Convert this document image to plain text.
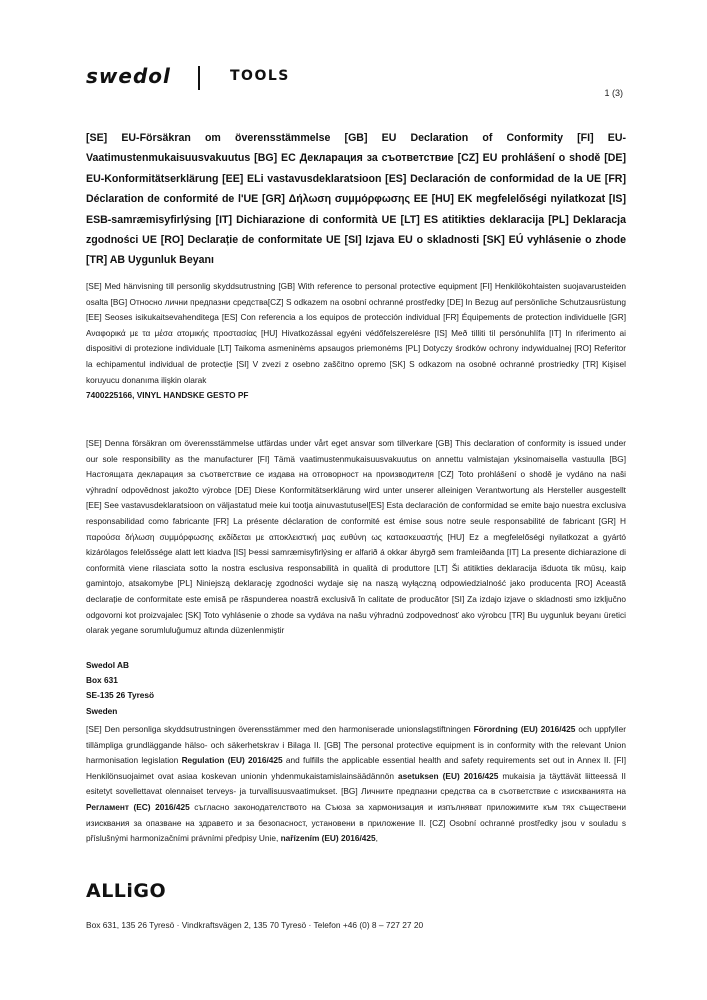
swedol	TOOLS
1 (3)
[SE] EU-Försäkran om överensstämmelse [GB] EU Declaration of Conformity [FI] EU-Vaatimustenmukaisuusvakuutus [BG] ЕС Декларация за съответствие [CZ] EU prohlášení o shodě [DE] EU-Konformitätserklärung [EE] ELi vastavusdeklaratsioon [ES] Declaración de conformidad de la UE [FR] Déclaration de conformité de l'UE [GR] Δήλωση συμμόρφωσης ΕΕ [HU] EK megfelelőségi nyilatkozat [IS] ESB-samræmisyfirlýsing [IT] Dichiarazione di conformità UE [LT] ES atitikties deklaracija [PL] Deklaracja zgodności UE [RO] Declarație de conformitate UE [SI] Izjava EU o skladnosti [SK] EÚ vyhlásenie o zhode [TR] AB Uygunluk Beyanı
[SE] Med hänvisning till personlig skyddsutrustning [GB] With reference to personal protective equipment [FI] Henkilökohtaisten suojavarusteiden osalta [BG] Относно лични предпазни средства[CZ] S odkazem na osobní ochranné prostředky [DE] In Bezug auf persönliche Schutzausrüstung [EE] Seoses isikukaitsevahenditega [ES] Con referencia a los equipos de protección individual [FR] Équipements de protection individuelle [GR] Αναφορικά με τα μέσα ατομικής προστασίας [HU] Hivatkozással egyéni védőfelszerelésre [IS] Með tilliti til persónuhlífa [IT] In riferimento ai dispositivi di protezione individuale [LT] Taikoma asmeninėms apsaugos priemonėms [PL] Dotyczy środków ochrony indywidualnej [RO] Referitor la echipamentul individual de protecție [SI] V zvezi z osebno zaščitno opremo [SK] S odkazom na osobné ochranné prostriedky [TR] Kişisel koruyucu donanıma ilişkin olarak
7400225166, VINYL HANDSKE GESTO PF
[SE] Denna försäkran om överensstämmelse utfärdas under vårt eget ansvar som tillverkare [GB] This declaration of conformity is issued under our sole responsibility as the manufacturer [FI] Tämä vaatimustenmukaisuusvakuutus on annettu valmistajan yksinomaisella vastuulla [BG] Настоящата декларация за съответствие се издава на отговорност на производителя [CZ] Toto prohlášení o shodě je vydáno na naši výhradní odpovědnost jakožto výrobce [DE] Diese Konformitätserklärung wird unter unserer alleinigen Verantwortung als Hersteller ausgestellt [EE] See vastavusdeklaratsioon on väljastatud meie kui tootja ainuvastutusel[ES] Esta declaración de conformidad se emite bajo nuestra exclusiva responsabilidad como fabricante [FR] La présente déclaration de conformité est émise sous notre seule responsabilité de fabricant [GR] Η παρούσα δήλωση συμμόρφωσης εκδίδεται με αποκλειστική μας ευθύνη ως κατασκευαστής [HU] Ez a megfelelőségi nyilatkozat a gyártó kizárólagos felelőssége alatt lett kiadva [IS] Þessi samræmisyfirlýsing er alfarið á okkar ábyrgð sem framleiðanda [IT] La presente dichiarazione di conformità viene rilasciata sotto la nostra esclusiva responsabilità in qualità di produttore [LT] Ši atitikties deklaracija išduota tik mūsų, kaip gamintojo, atsakomybe [PL] Niniejszą deklarację zgodności wydaje się na naszą wyłączną odpowiedzialność jako producenta [RO] Această declarație de conformitate este emisă pe răspunderea noastră exclusivă în calitate de producător [SI] Za izdajo izjave o skladnosti smo izključno odgovorni kot proizvajalec [SK] Toto vyhlásenie o zhode sa vydáva na našu výhradnú zodpovednosť ako výrobcu [TR] Bu uygunluk beyanı üretici olarak yegane sorumluluğumuz altında düzenlenmiştir
Swedol AB
Box 631
SE-135 26 Tyresö
Sweden
[SE] Den personliga skyddsutrustningen överensstämmer med den harmoniserade unionslagstiftningen Förordning (EU) 2016/425 och uppfyller tillämpliga grundläggande hälso- och säkerhetskrav i Bilaga II. [GB] The personal protective equipment is in conformity with the relevant Union harmonisation legislation Regulation (EU) 2016/425 and fulfills the applicable essential health and safety requirements set out in Annex II. [FI] Henkilönsuojaimet ovat asiaa koskevan unionin yhdenmukaistamislainsäädännön asetuksen (EU) 2016/425 mukaisia ja täyttävät liitteessä II esitetyt sovellettavat olennaiset terveys- ja turvallisuusvaatimukset. [BG] Личните предпазни средства са в съответствие с изискванията на Регламент (ЕС) 2016/425 съгласно законодателството на Съюза за хармонизация и изпълняват приложимите към тях съществени изисквания за опазване на здравето и за безопасност, установени в приложение II. [CZ] Osobní ochranné prostředky jsou v souladu s příslušnými harmonizačními právními předpisy Unie, nařízením (EU) 2016/425,
ALLiGO
Box 631, 135 26 Tyresö · Vindkraftsvägen 2, 135 70 Tyresö · Telefon +46 (0) 8 – 727 27 20
